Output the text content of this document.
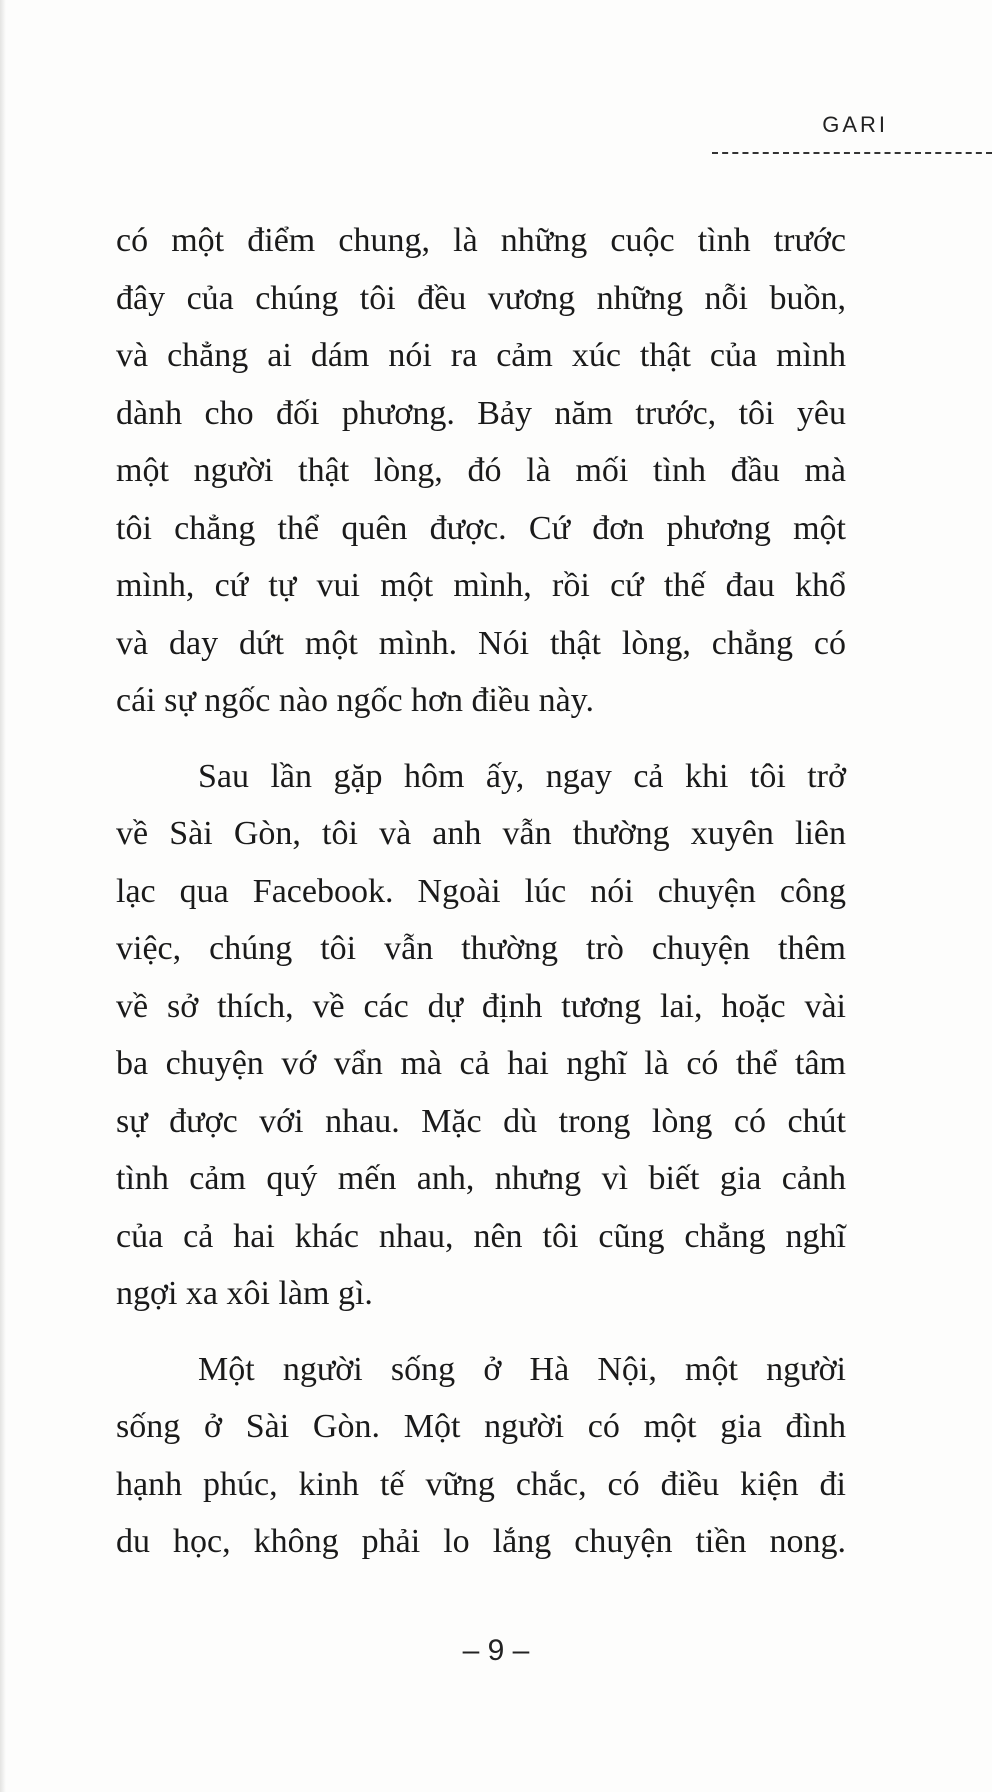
GARI

có một điểm chung, là những cuộc tình trước
đây của chúng tôi đều vương những nỗi buồn,
và chẳng ai dám nói ra cảm xúc thật của mình
dành cho đối phương. Bảy năm trước, tôi yêu
một người thật lòng, đó là mối tình đầu mà
tôi chẳng thể quên được. Cứ đơn phương một
mình, cứ tự vui một mình, rồi cứ thế đau khổ
và day dứt một mình. Nói thật lòng, chẳng có
cái sự ngốc nào ngốc hơn điều này.

Sau lần gặp hôm ấy, ngay cả khi tôi trở
về Sài Gòn, tôi và anh vẫn thường xuyên liên
lạc qua Facebook. Ngoài lúc nói chuyện công
việc, chúng tôi vẫn thường trò chuyện thêm
về sở thích, về các dự định tương lai, hoặc vài
ba chuyện vớ vẩn mà cả hai nghĩ là có thể tâm
sự được với nhau. Mặc dù trong lòng có chút
tình cảm quý mến anh, nhưng vì biết gia cảnh
của cả hai khác nhau, nên tôi cũng chẳng nghĩ
ngợi xa xôi làm gì.

Một người sống ở Hà Nội, một người
sống ở Sài Gòn. Một người có một gia đình
hạnh phúc, kinh tế vững chắc, có điều kiện đi
du học, không phải lo lắng chuyện tiền nong.

– 9 –
